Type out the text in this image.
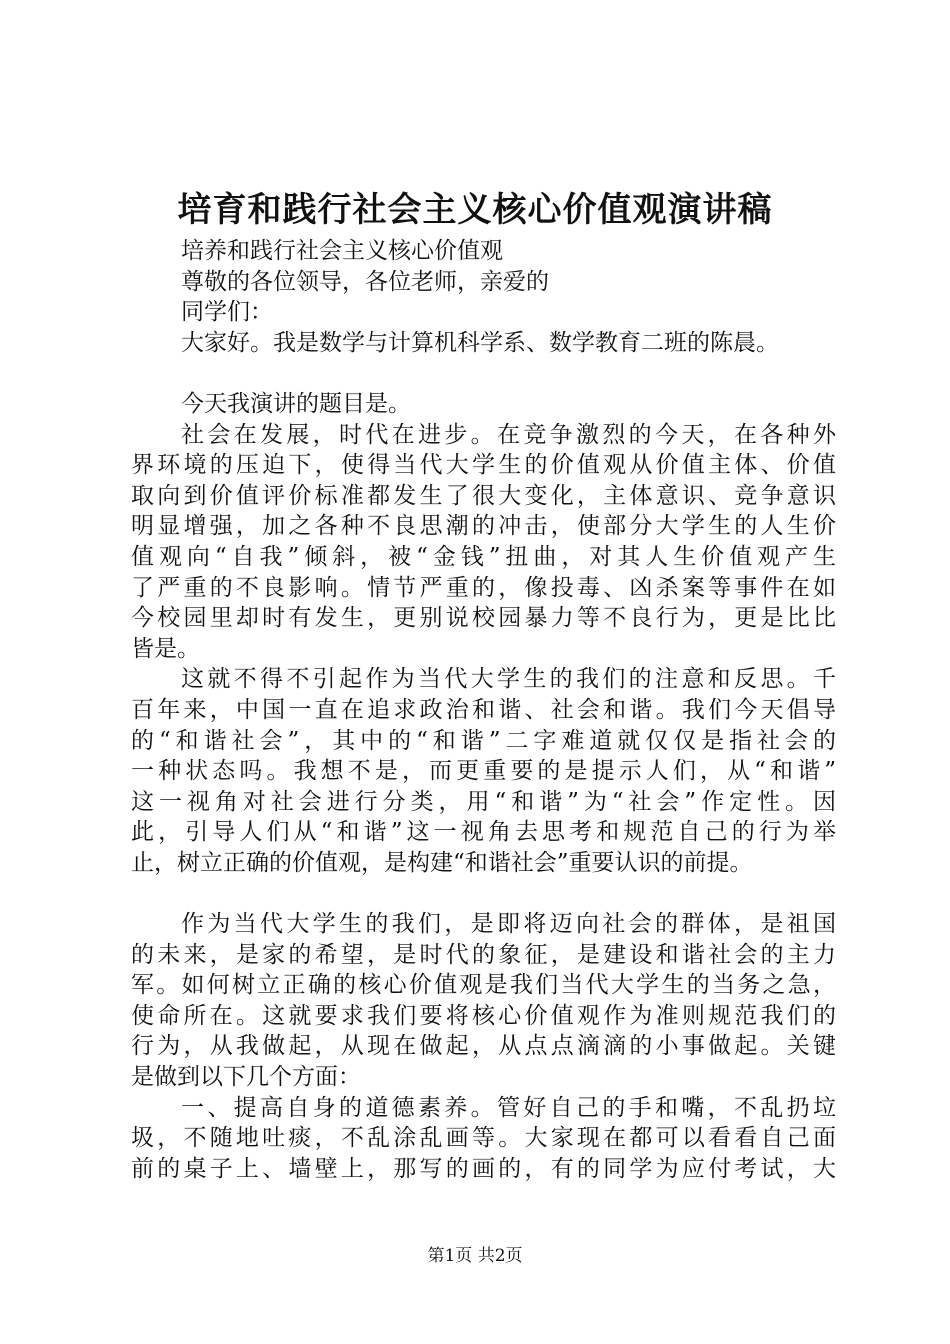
培育和践行社会主义核心价值观演讲稿
培养和践行社会主义核心价值观
尊敬的各位领导，各位老师，亲爱的
同学们：
大家好。我是数学与计算机科学系、数学教育二班的陈晨。
今天我演讲的题目是。
社会在发展，时代在进步。在竞争激烈的今天，在各种外
界环境的压迫下，使得当代大学生的价值观从价值主体、价值
取向到价值评价标准都发生了很大变化，主体意识、竞争意识
明显增强，加之各种不良思潮的冲击，使部分大学生的人生价
值观向“自我”倾斜，被“金钱”扭曲，对其人生价值观产生
了严重的不良影响。情节严重的，像投毒、凶杀案等事件在如
今校园里却时有发生，更别说校园暴力等不良行为，更是比比
皆是。
这就不得不引起作为当代大学生的我们的注意和反思。千
百年来，中国一直在追求政治和谐、社会和谐。我们今天倡导
的“和谐社会”，其中的“和谐”二字难道就仅仅是指社会的
一种状态吗。我想不是，而更重要的是提示人们，从“和谐”
这一视角对社会进行分类，用“和谐”为“社会”作定性。因
此，引导人们从“和谐”这一视角去思考和规范自己的行为举
止，树立正确的价值观，是构建“和谐社会”重要认识的前提。
作为当代大学生的我们，是即将迈向社会的群体，是祖国
的未来，是家的希望，是时代的象征，是建设和谐社会的主力
军。如何树立正确的核心价值观是我们当代大学生的当务之急，
使命所在。这就要求我们要将核心价值观作为准则规范我们的
行为，从我做起，从现在做起，从点点滴滴的小事做起。关键
是做到以下几个方面：
一、提高自身的道德素养。管好自己的手和嘴，不乱扔垃
圾，不随地吐痰，不乱涂乱画等。大家现在都可以看看自己面
前的桌子上、墙壁上，那写的画的，有的同学为应付考试，大
第1页 共2页
